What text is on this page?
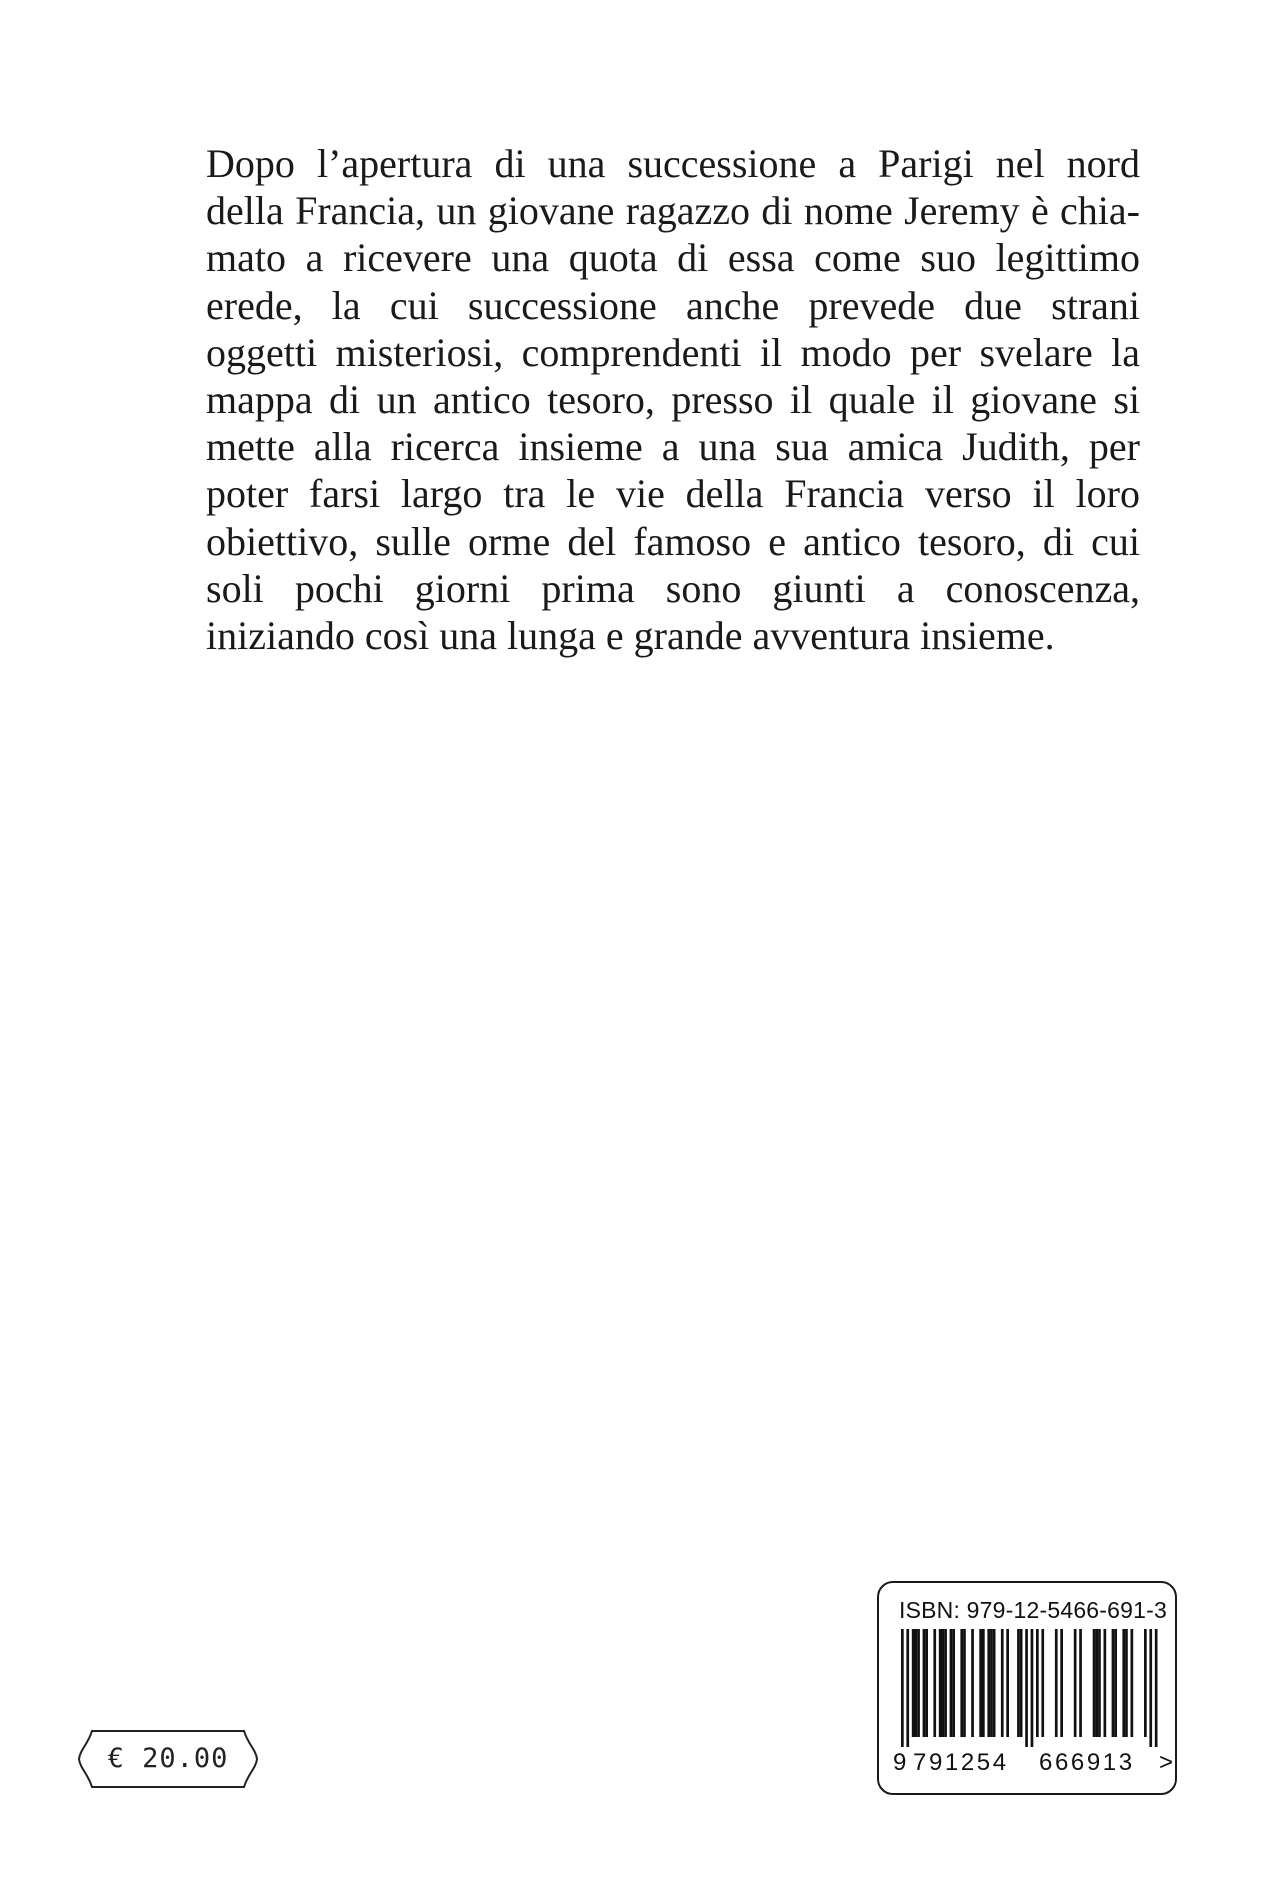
Dopo l’apertura di una successione a Parigi nel nord
della Francia, un giovane ragazzo di nome Jeremy è chia-
mato a ricevere una quota di essa come suo legittimo
erede, la cui successione anche prevede due strani
oggetti misteriosi, comprendenti il modo per svelare la
mappa di un antico tesoro, presso il quale il giovane si
mette alla ricerca insieme a una sua amica Judith, per
poter farsi largo tra le vie della Francia verso il loro
obiettivo, sulle orme del famoso e antico tesoro, di cui
soli pochi giorni prima sono giunti a conoscenza,
iniziando così una lunga e grande avventura insieme.
€ 20.00
ISBN: 979-12-5466-691-3
9 791254 666913 >
